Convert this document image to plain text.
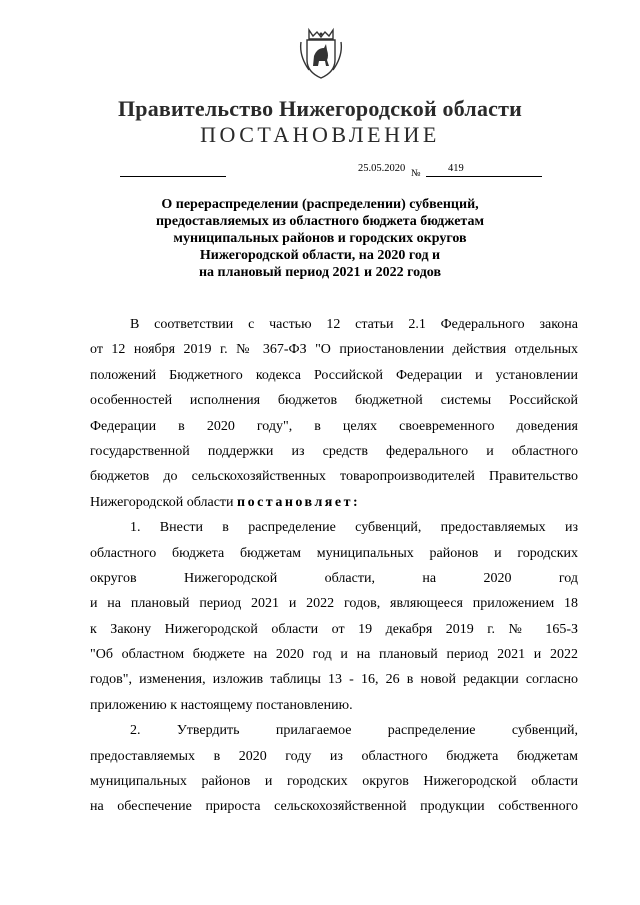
Правительство Нижегородской области
ПОСТАНОВЛЕНИЕ
25.05.2020 №	419
О перераспределении (распределении) субвенций,
предоставляемых из областного бюджета бюджетам
муниципальных районов и городских округов
Нижегородской области, на 2020 год и
на плановый период 2021 и 2022 годов
В соответствии с частью 12 статьи 2.1 Федерального закона
от 12 ноября 2019 г. № 367-ФЗ "О приостановлении действия отдельных
положений Бюджетного кодекса Российской Федерации и установлении
особенностей исполнения бюджетов бюджетной системы Российской
Федерации в 2020 году", в целях своевременного доведения
государственной поддержки из средств федерального и областного
бюджетов до сельскохозяйственных товаропроизводителей Правительство
Нижегородской области постановляет:
1. Внести в распределение субвенций, предоставляемых из
областного бюджета бюджетам муниципальных районов и городских
округов Нижегородской области, на 2020 год
и на плановый период 2021 и 2022 годов, являющееся приложением 18
к Закону Нижегородской области от 19 декабря 2019 г. № 165-З
"Об областном бюджете на 2020 год и на плановый период 2021 и 2022
годов", изменения, изложив таблицы 13 - 16, 26 в новой редакции согласно
приложению к настоящему постановлению.
2. Утвердить прилагаемое распределение субвенций,
предоставляемых в 2020 году из областного бюджета бюджетам
муниципальных районов и городских округов Нижегородской области
на обеспечение прироста сельскохозяйственной продукции собственного
